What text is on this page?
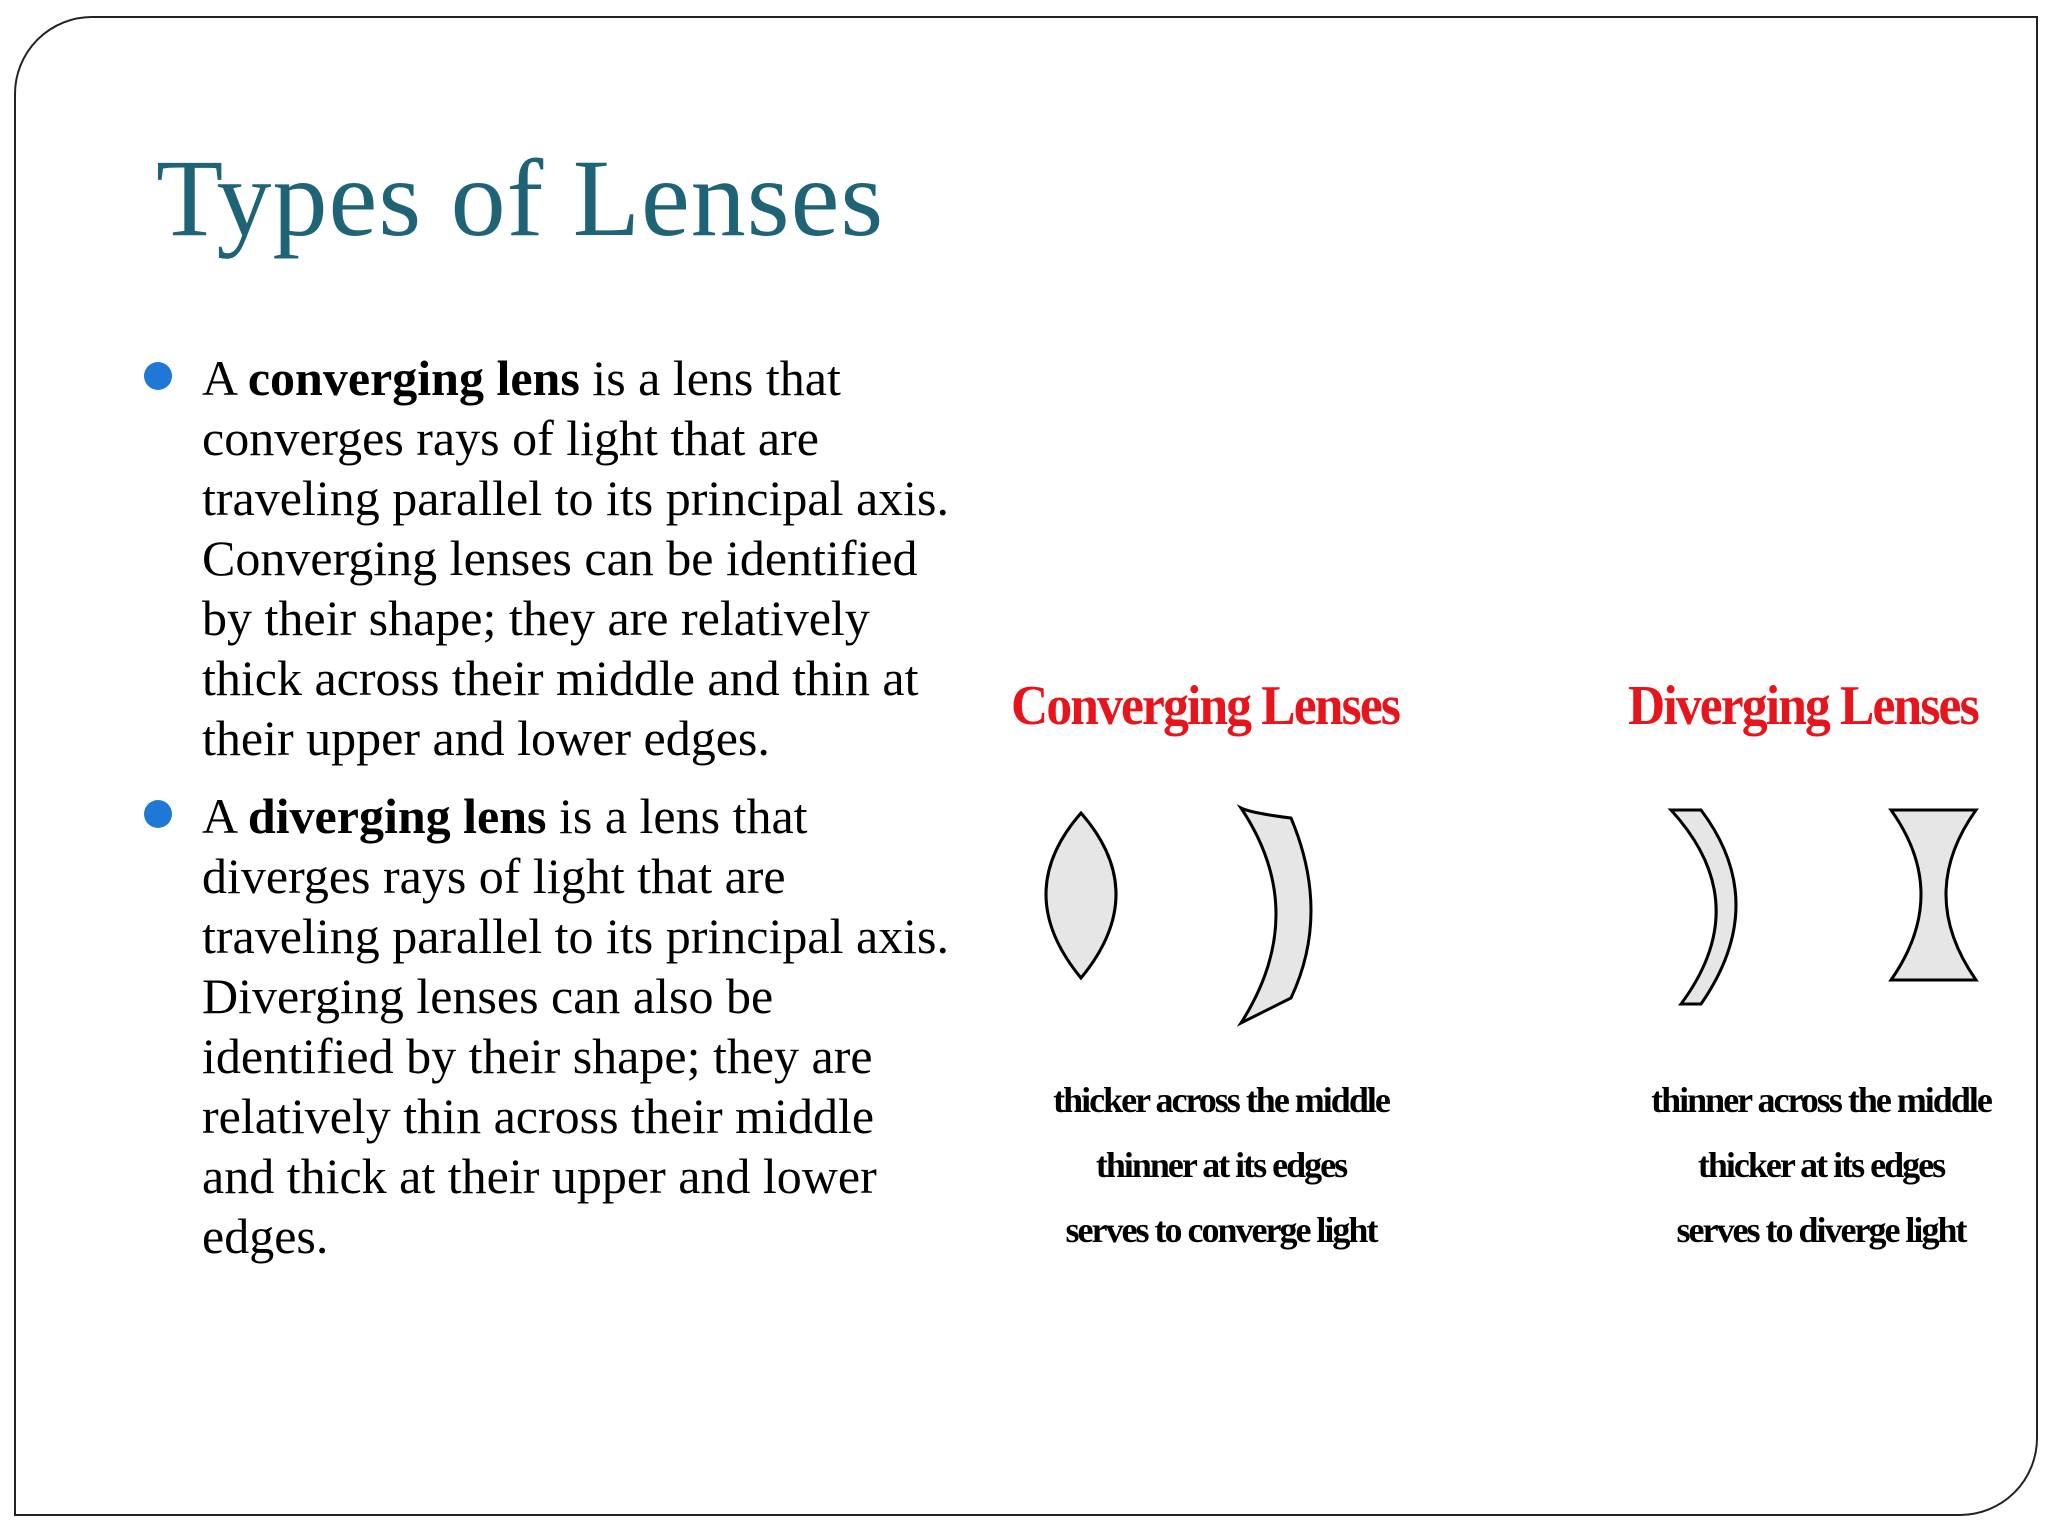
Types of Lenses
A converging lens is a lens that converges rays of light that are traveling parallel to its principal axis. Converging lenses can be identified by their shape; they are relatively thick across their middle and thin at their upper and lower edges.
A diverging lens is a lens that diverges rays of light that are traveling parallel to its principal axis. Diverging lenses can also be identified by their shape; they are relatively thin across their middle and thick at their upper and lower edges.
Converging Lenses
thicker across the middle
thinner at its edges
serves to converge light
Diverging Lenses
thinner across the middle
thicker at its edges
serves to diverge light
